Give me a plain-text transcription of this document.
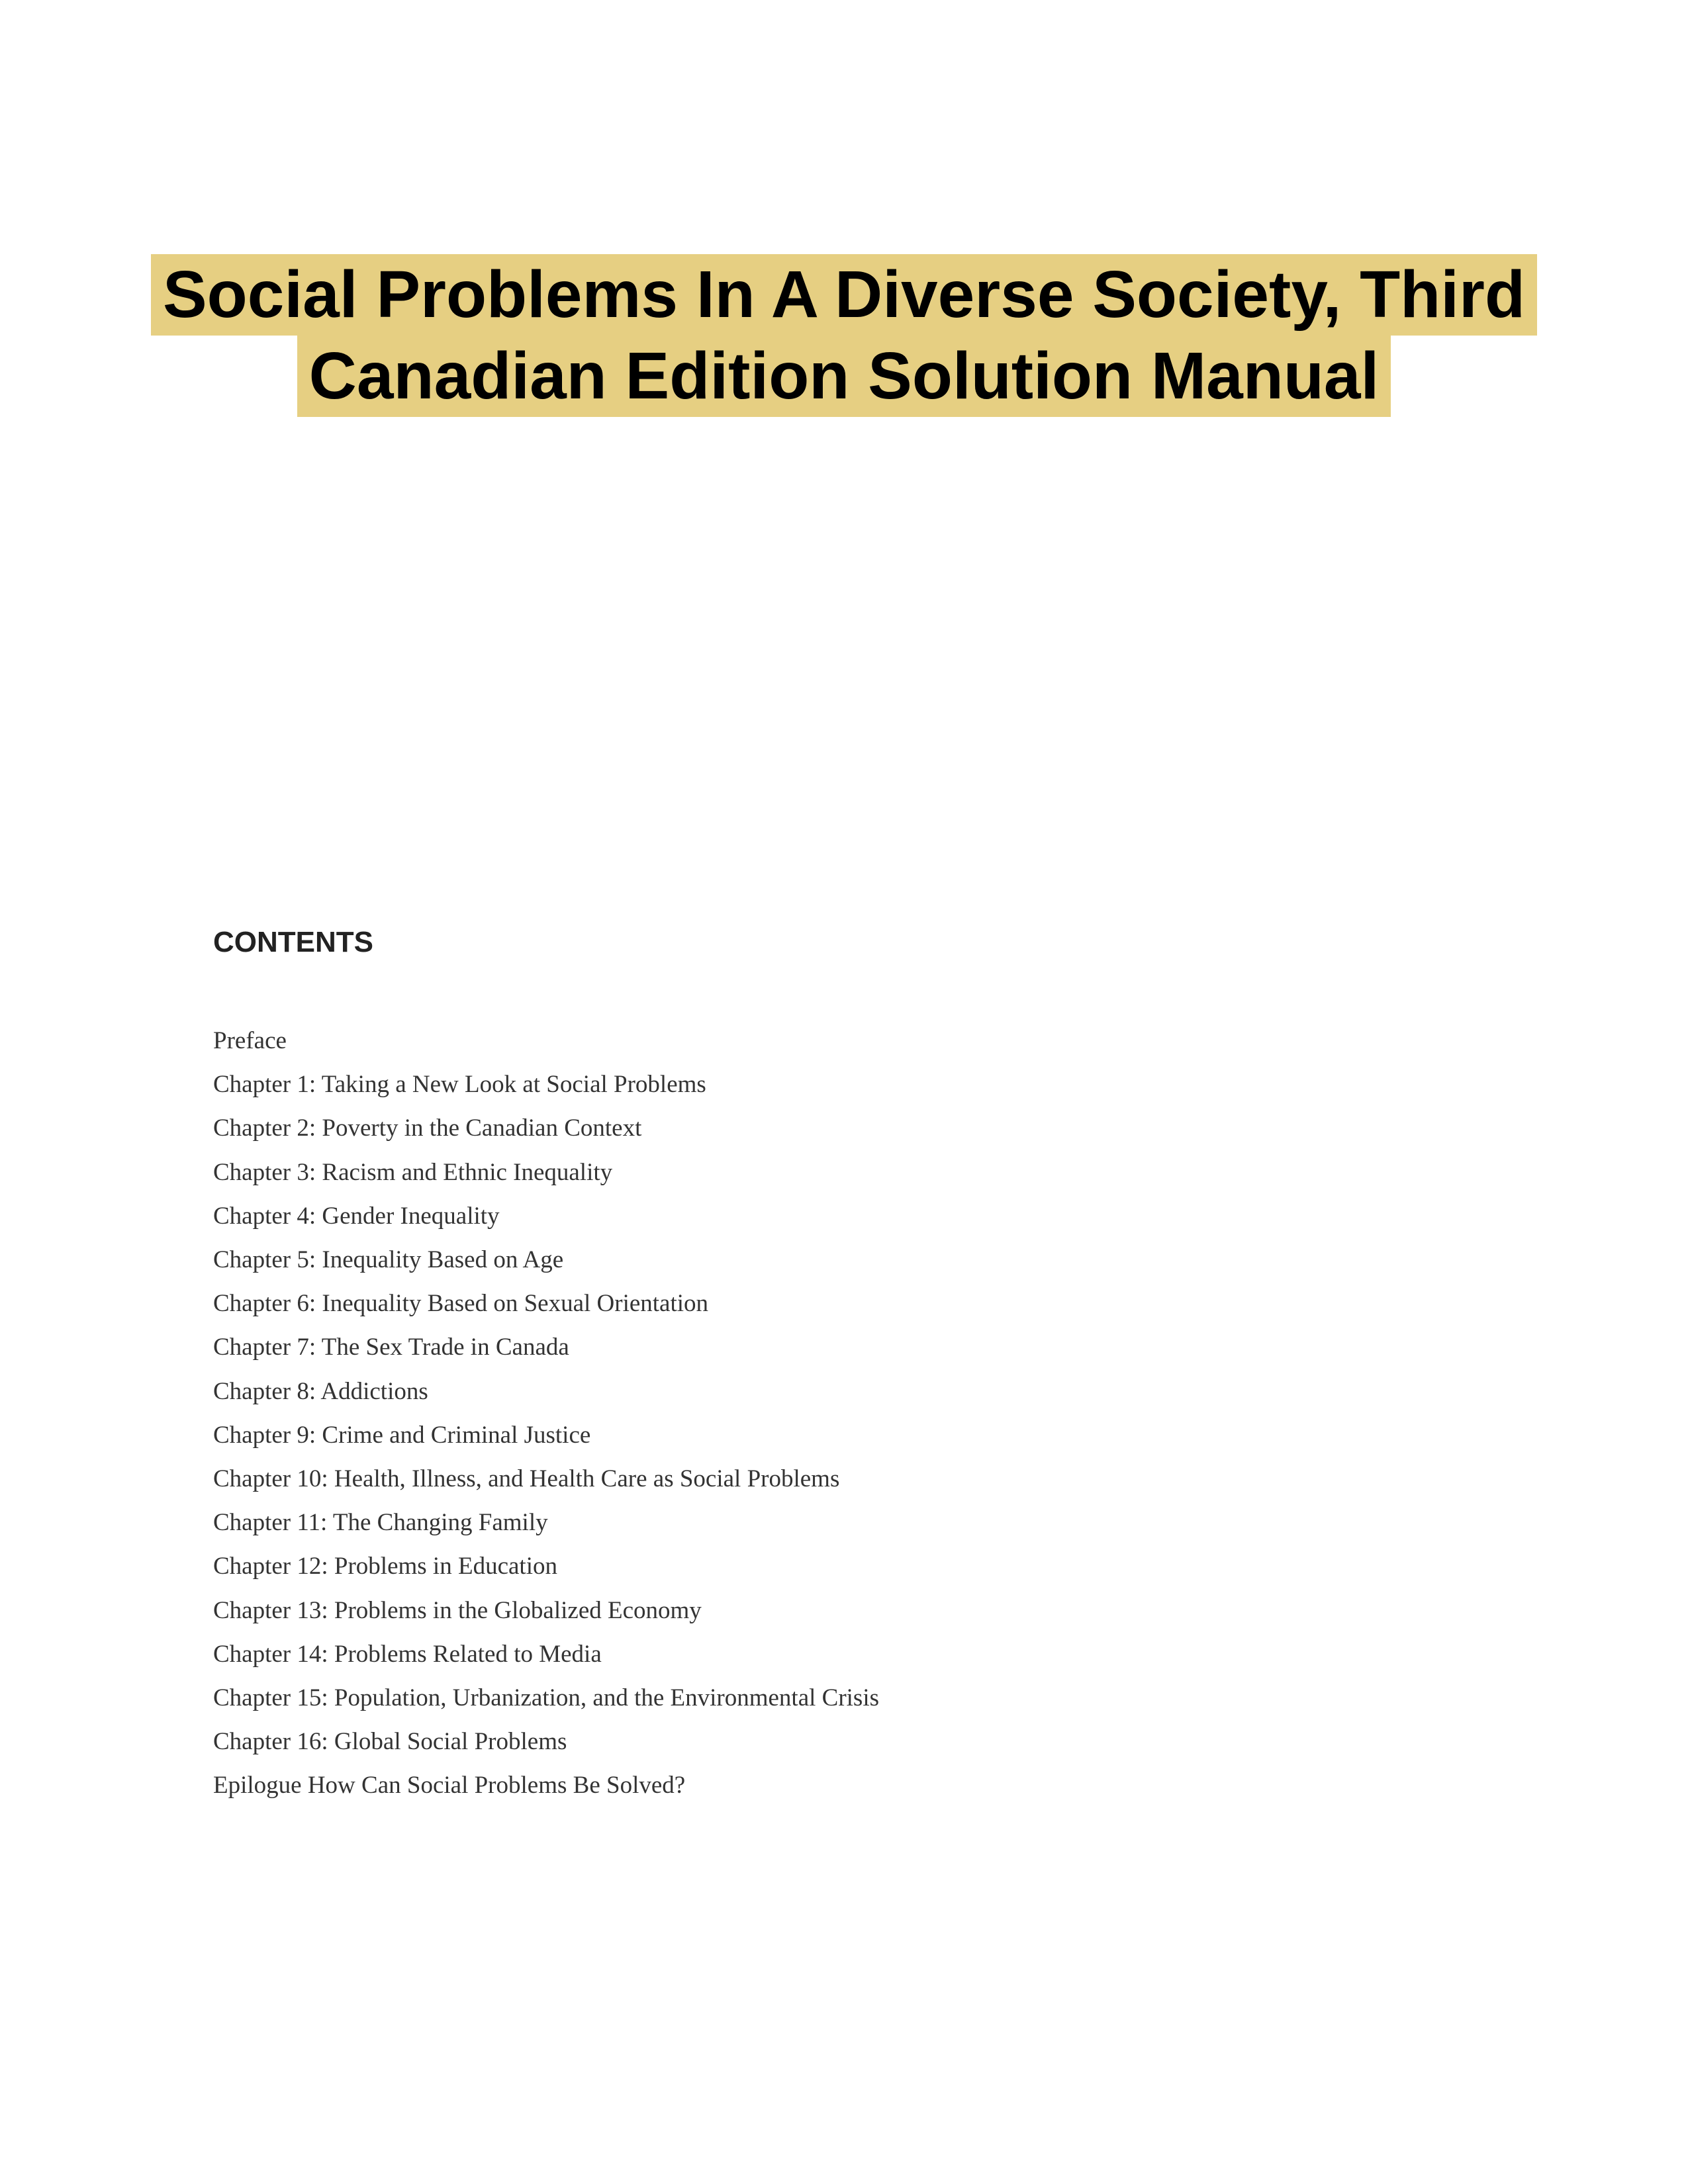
Social Problems In A Diverse Society, Third
Canadian Edition Solution Manual
CONTENTS
Preface
Chapter 1: Taking a New Look at Social Problems
Chapter 2: Poverty in the Canadian Context
Chapter 3: Racism and Ethnic Inequality
Chapter 4: Gender Inequality
Chapter 5: Inequality Based on Age
Chapter 6: Inequality Based on Sexual Orientation
Chapter 7: The Sex Trade in Canada
Chapter 8: Addictions
Chapter 9: Crime and Criminal Justice
Chapter 10: Health, Illness, and Health Care as Social Problems
Chapter 11: The Changing Family
Chapter 12: Problems in Education
Chapter 13: Problems in the Globalized Economy
Chapter 14: Problems Related to Media
Chapter 15: Population, Urbanization, and the Environmental Crisis
Chapter 16: Global Social Problems
Epilogue How Can Social Problems Be Solved?
